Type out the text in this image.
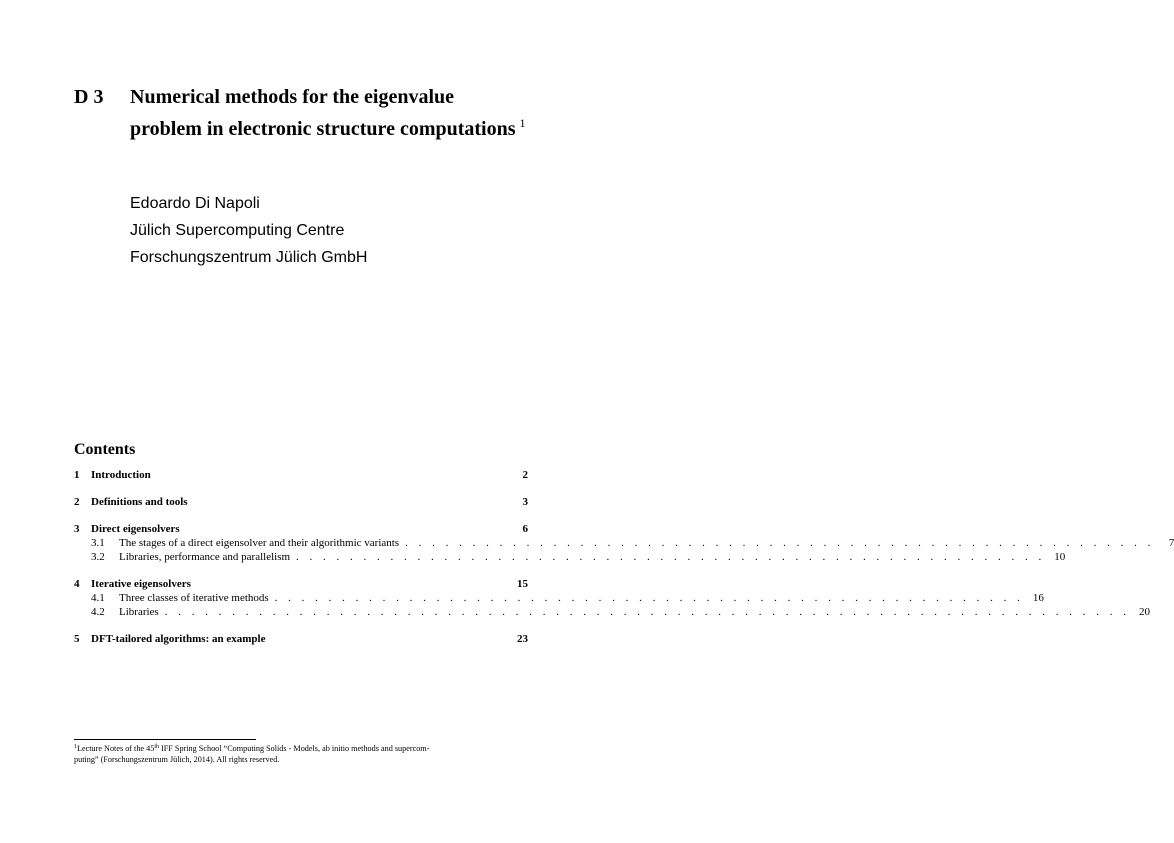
D 3 Numerical methods for the eigenvalue problem in electronic structure computations $^1$
Edoardo Di Napoli
Jülich Supercomputing Centre
Forschungszentrum Jülich GmbH
Contents
1	Introduction	2
2	Definitions and tools	3
3	Direct eigensolvers	6
3.1	The stages of a direct eigensolver and their algorithmic variants . . . . . . . . . . . . . . . . . . . . . . . . . . . . . . . . . . . . . . . . . . . . . . . . . . . . . . . .	7
3.2	Libraries, performance and parallelism . . . . . . . . . . . . . . . . . . . . . . . . . . . . . . . . . . . . . . . . . . . . . . . . . . . . . . . . 10
4	Iterative eigensolvers	15
4.1	Three classes of iterative methods . . . . . . . . . . . . . . . . . . . . . . . . . . . . . . . . . . . . . . . . . . . . . . . . . . . . . . . . 16
4.2	Libraries . . . . . . . . . . . . . . . . . . . . . . . . . . . . . . . . . . . . . . . . . . . . . . . . . . . . . . . . . . . . . . . . . . . . . . . . 20
5	DFT-tailored algorithms: an example	23
$^1$Lecture Notes of the 45th IFF Spring School “Computing Solids - Models, ab initio methods and supercom-
puting” (Forschungszentrum Jülich, 2014). All rights reserved.
